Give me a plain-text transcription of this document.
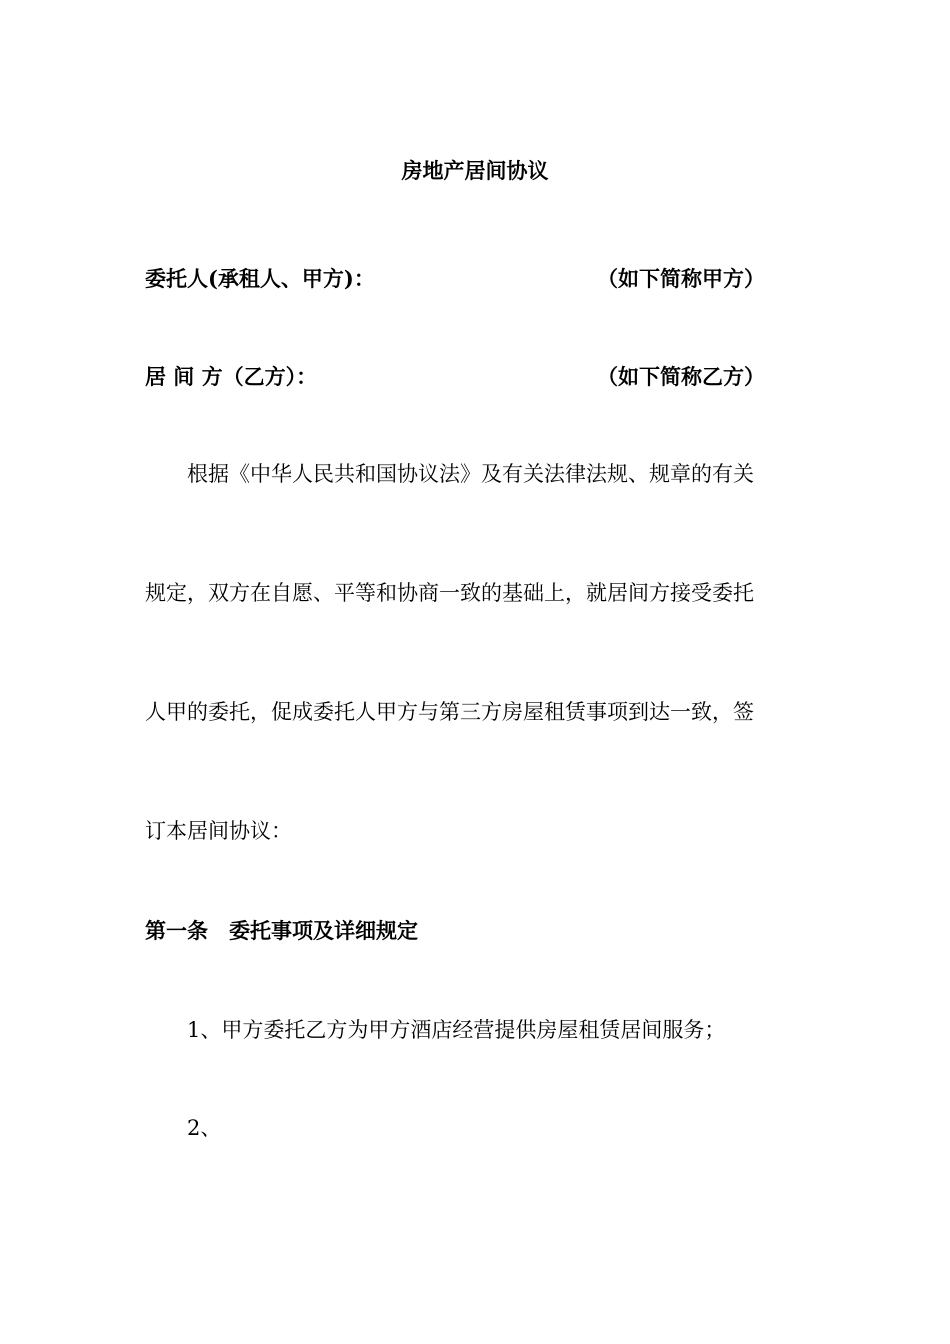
房地产居间协议
委托人(承租人、甲方)：	（如下简称甲方）
居 间 方（乙方）：	（如下简称乙方）
根据《中华人民共和国协议法》及有关法律法规、规章的有关
规定，双方在自愿、平等和协商一致的基础上，就居间方接受委托
人甲的委托，促成委托人甲方与第三方房屋租赁事项到达一致，签
订本居间协议：
第一条　委托事项及详细规定
1、甲方委托乙方为甲方酒店经营提供房屋租赁居间服务；
2、
